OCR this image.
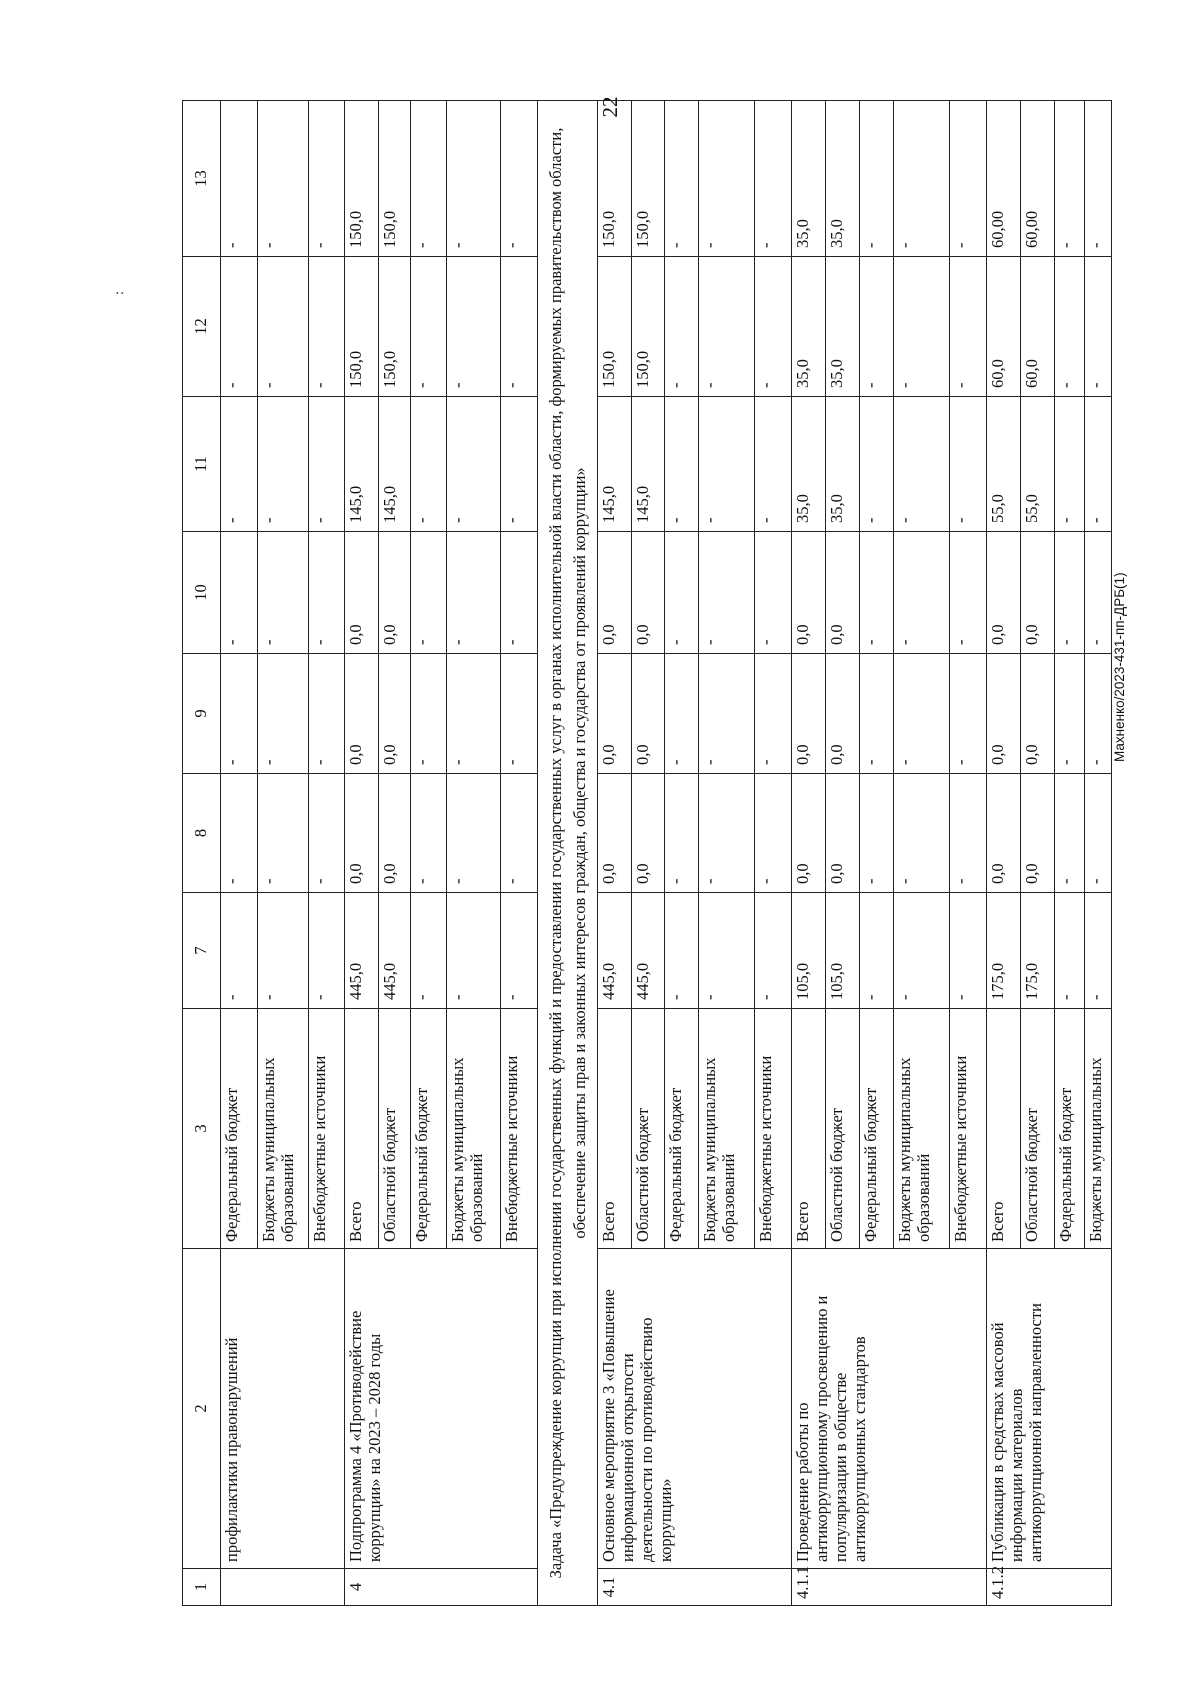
22
:
Махненко/2023-431-пп-ДРБ(1)
1	2	3	7	8	9	10	11	12	13
	профилактики правонарушений	Федеральный бюджет	-	-	-	-	-	-	-
		Бюджеты муниципальных образований	-	-	-	-	-	-	-
		Внебюджетные источники	-	-	-	-	-	-	-
4	Подпрограмма 4 «Противодействие коррупции» на 2023 – 2028 годы	Всего	445,0	0,0	0,0	0,0	145,0	150,0	150,0
		Областной бюджет	445,0	0,0	0,0	0,0	145,0	150,0	150,0
		Федеральный бюджет	-	-	-	-	-	-	-
		Бюджеты муниципальных образований	-	-	-	-	-	-	-
		Внебюджетные источники	-	-	-	-	-	-	-
Задача «Предупреждение коррупции при исполнении государственных функций и предоставлении государственных услуг в органах исполнительной власти области, формируемых правительством области, обеспечение защиты прав и законных интересов граждан, общества и государства от проявлений коррупции»									
4.1	Основное мероприятие 3 «Повышение информационной открытости деятельности по противодействию коррупции»	Всего	445,0	0,0	0,0	0,0	145,0	150,0	150,0
		Областной бюджет	445,0	0,0	0,0	0,0	145,0	150,0	150,0
		Федеральный бюджет	-	-	-	-	-	-	-
		Бюджеты муниципальных образований	-	-	-	-	-	-	-
		Внебюджетные источники	-	-	-	-	-	-	-
4.1.1	Проведение работы по антикоррупционному просвещению и популяризации в обществе антикоррупционных стандартов	Всего	105,0	0,0	0,0	0,0	35,0	35,0	35,0
		Областной бюджет	105,0	0,0	0,0	0,0	35,0	35,0	35,0
		Федеральный бюджет	-	-	-	-	-	-	-
		Бюджеты муниципальных образований	-	-	-	-	-	-	-
		Внебюджетные источники	-	-	-	-	-	-	-
4.1.2	Публикация в средствах массовой информации материалов антикоррупционной направленности	Всего	175,0	0,0	0,0	0,0	55,0	60,0	60,00
		Областной бюджет	175,0	0,0	0,0	0,0	55,0	60,0	60,00
		Федеральный бюджет	-	-	-	-	-	-	-
		Бюджеты муниципальных	-	-	-	-	-	-	-
